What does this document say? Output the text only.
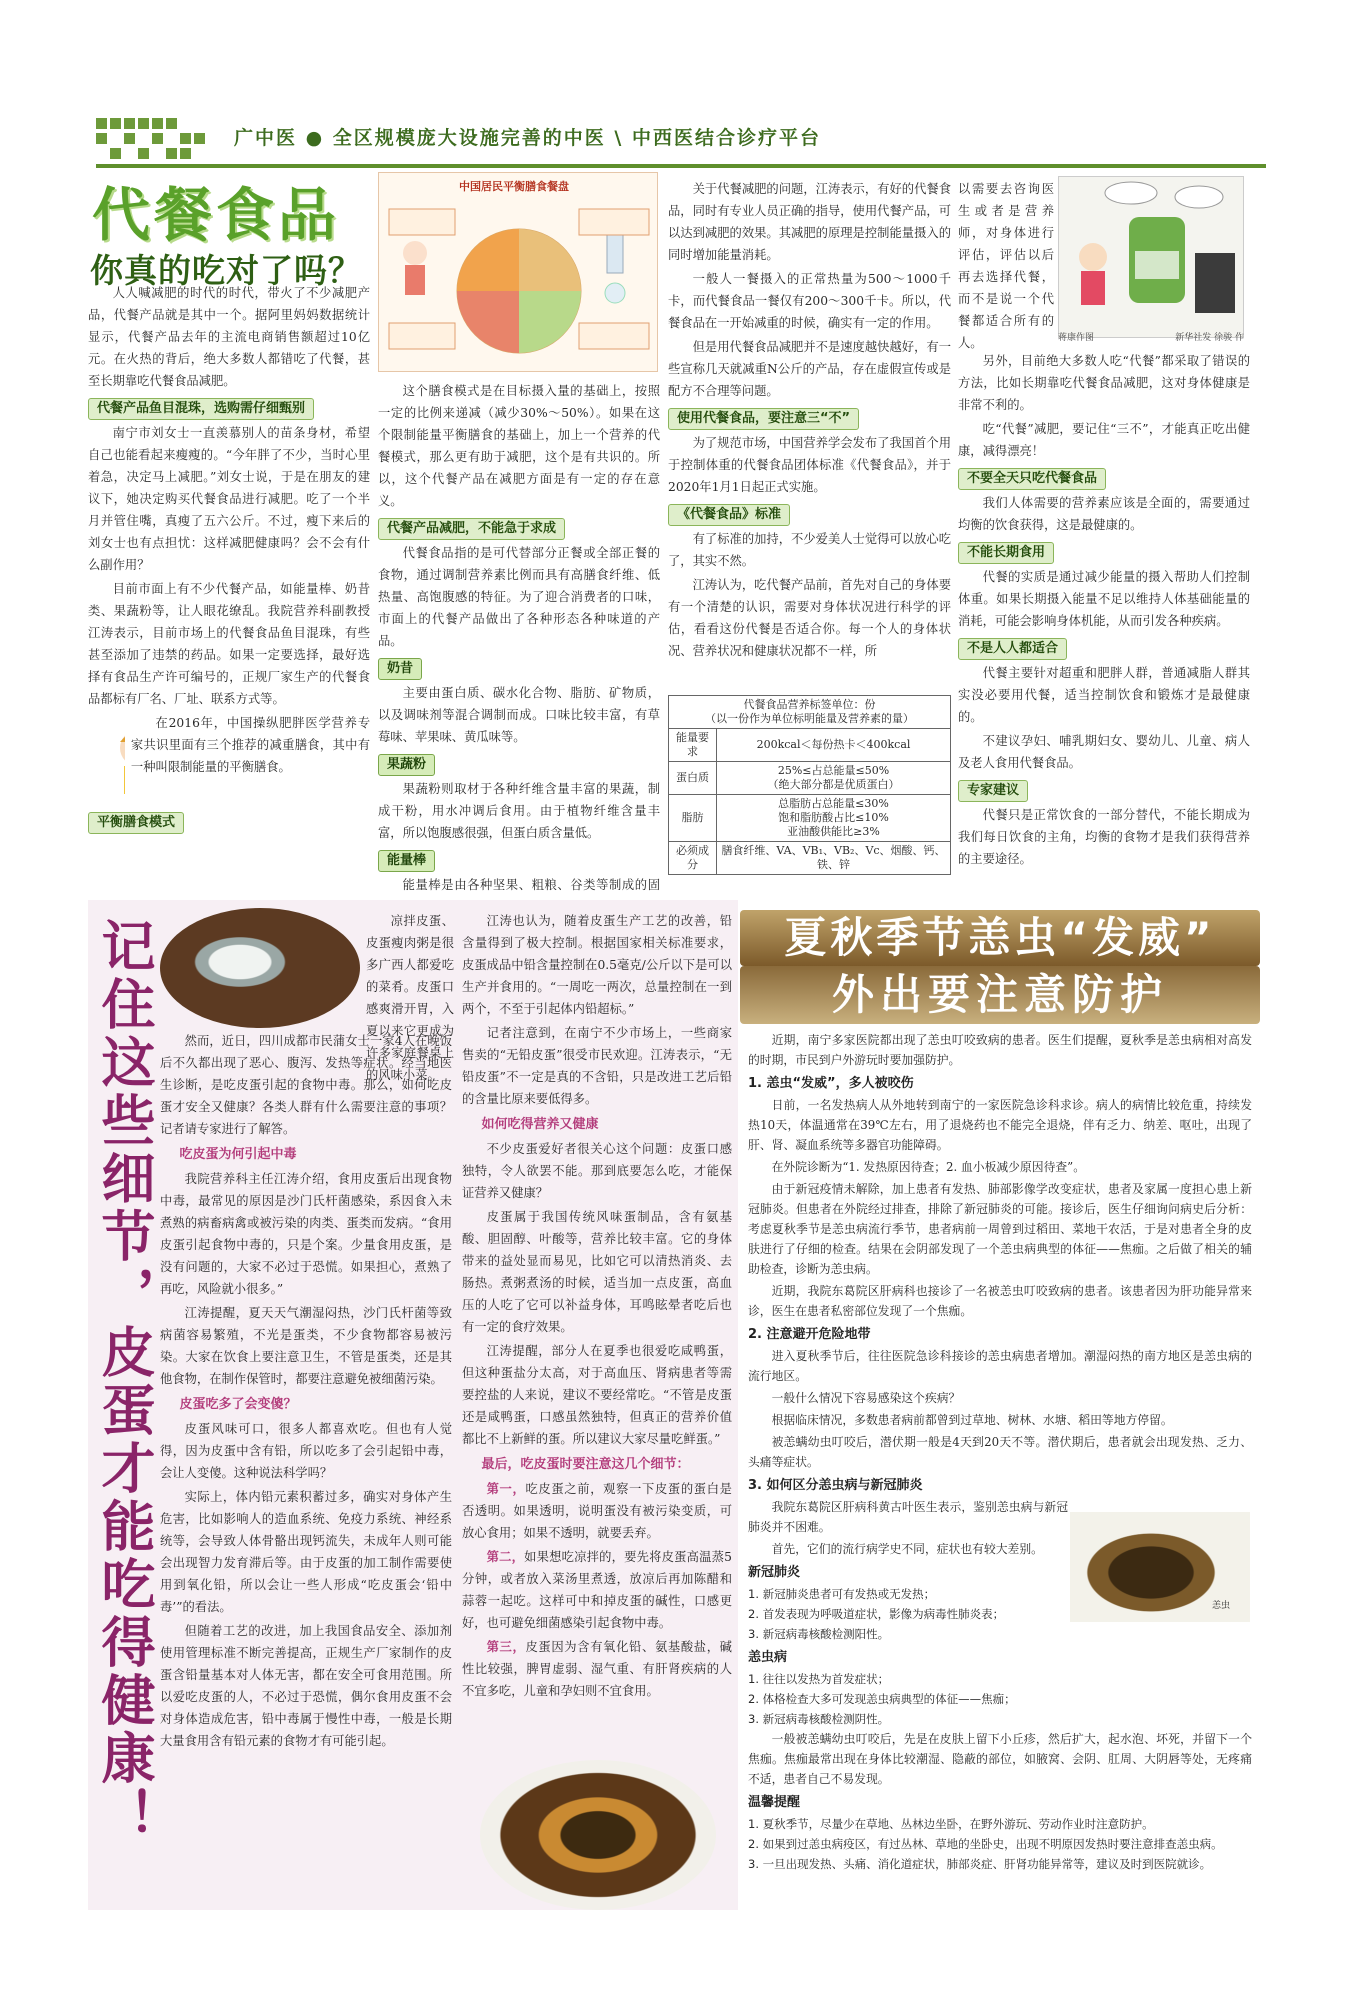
广中医 ● 全区规模庞大设施完善的中医 \ 中西医结合诊疗平台
代餐食品
你真的吃对了吗？
中国居民平衡膳食餐盘

人人喊减肥的时代的时代，带火了不少减肥产品，代餐产品就是其中一个。据阿里妈妈数据统计显示，代餐产品去年的主流电商销售额超过10亿元。在火热的背后，绝大多数人都错吃了代餐，甚至长期靠吃代餐食品减肥。

代餐产品鱼目混珠，选购需仔细甄别

南宁市刘女士一直羡慕别人的苗条身材，希望自己也能看起来瘦瘦的。“今年胖了不少，当时心里着急，决定马上减肥。”刘女士说，于是在朋友的建议下，她决定购买代餐食品进行减肥。吃了一个半月并管住嘴，真瘦了五六公斤。不过，瘦下来后的刘女士也有点担忧：这样减肥健康吗？会不会有什么副作用？

目前市面上有不少代餐产品，如能量棒、奶昔类、果蔬粉等，让人眼花缭乱。我院营养科副教授江涛表示，目前市场上的代餐食品鱼目混珠，有些甚至添加了违禁的药品。如果一定要选择，最好选择有食品生产许可编号的，正规厂家生产的代餐食品都标有厂名、厂址、联系方式等。

在2016年，中国操纵肥胖医学营养专家共识里面有三个推荐的减重膳食，其中有一种叫限制能量的平衡膳食。

平衡膳食模式

这个膳食模式是在目标摄入量的基础上，按照一定的比例来递减（减少30%～50%）。如果在这个限制能量平衡膳食的基础上，加上一个营养的代餐模式，那么更有助于减肥，这个是有共识的。所以，这个代餐产品在减肥方面是有一定的存在意义。

代餐产品减肥，不能急于求成

代餐食品指的是可代替部分正餐或全部正餐的食物，通过调制营养素比例而具有高膳食纤维、低热量、高饱腹感的特征。为了迎合消费者的口味，市面上的代餐产品做出了各种形态各种味道的产品。

奶昔

主要由蛋白质、碳水化合物、脂肪、矿物质，以及调味剂等混合调制而成。口味比较丰富，有草莓味、苹果味、黄瓜味等。

果蔬粉

果蔬粉则取材于各种纤维含量丰富的果蔬，制成干粉，用水冲调后食用。由于植物纤维含量丰富，所以饱腹感很强，但蛋白质含量低。

能量棒

能量棒是由各种坚果、粗粮、谷类等制成的固

关于代餐减肥的问题，江涛表示，有好的代餐食品，同时有专业人员正确的指导，使用代餐产品，可以达到减肥的效果。其减肥的原理是控制能量摄入的同时增加能量消耗。

一般人一餐摄入的正常热量为500～1000千卡，而代餐食品一餐仅有200～300千卡。所以，代餐食品在一开始减重的时候，确实有一定的作用。

但是用代餐食品减肥并不是速度越快越好，有一些宣称几天就减重N公斤的产品，存在虚假宣传或是配方不合理等问题。

使用代餐食品，要注意三“不”

为了规范市场，中国营养学会发布了我国首个用于控制体重的代餐食品团体标准《代餐食品》，并于2020年1月1日起正式实施。

《代餐食品》标准

有了标准的加持，不少爱美人士觉得可以放心吃了，其实不然。

江涛认为，吃代餐产品前，首先对自己的身体要有一个清楚的认识，需要对身体状况进行科学的评估，看看这份代餐是否适合你。每一个人的身体状况、营养状况和健康状况都不一样，所

代餐食品营养标签单位：份
（以一份作为单位标明能量及营养素的量）	
能量要求	200kcal＜每份热卡＜400kcal
蛋白质	25%≤占总能量≤50%
（绝大部分都是优质蛋白）
脂肪	总脂肪占总能量≤30%
饱和脂肪酸占比≤10%
亚油酸供能比≥3%
必须成分	膳食纤维、VA、VB₁、VB₂、Vc、烟酸、钙、铁、锌
蒋康作图	新华社发 徐骏 作

以需要去咨询医生或者是营养师，对身体进行评估，评估以后再去选择代餐，而不是说一个代餐都适合所有的人。

另外，目前绝大多数人吃“代餐”都采取了错误的方法，比如长期靠吃代餐食品减肥，这对身体健康是非常不利的。

吃“代餐”减肥，要记住“三不”，才能真正吃出健康，减得漂亮！

不要全天只吃代餐食品

我们人体需要的营养素应该是全面的，需要通过均衡的饮食获得，这是最健康的。

不能长期食用

代餐的实质是通过减少能量的摄入帮助人们控制体重。如果长期摄入能量不足以维持人体基础能量的消耗，可能会影响身体机能，从而引发各种疾病。

不是人人都适合

代餐主要针对超重和肥胖人群，普通减脂人群其实没必要用代餐，适当控制饮食和锻炼才是最健康的。

不建议孕妇、哺乳期妇女、婴幼儿、儿童、病人及老人食用代餐食品。

专家建议

代餐只是正常饮食的一部分替代，不能长期成为我们每日饮食的主角，均衡的食物才是我们获得营养的主要途径。

记住这些细节，皮蛋才能吃得健康！	然而，近日，四川成都市民蒲女士一家4人在晚饭后不久都出现了恶心、腹泻、发热等症状。经当地医生诊断，是吃皮蛋引起的食物中毒。那么，如何吃皮蛋才安全又健康？各类人群有什么需要注意的事项？记者请专家进行了解答。

吃皮蛋为何引起中毒

我院营养科主任江涛介绍，食用皮蛋后出现食物中毒，最常见的原因是沙门氏杆菌感染，系因食入未煮熟的病畜病禽或被污染的肉类、蛋类而发病。“食用皮蛋引起食物中毒的，只是个案。少量食用皮蛋，是没有问题的，大家不必过于恐慌。如果担心，煮熟了再吃，风险就小很多。”

江涛提醒，夏天天气潮湿闷热，沙门氏杆菌等致病菌容易繁殖，不光是蛋类，不少食物都容易被污染。大家在饮食上要注意卫生，不管是蛋类，还是其他食物，在制作保管时，都要注意避免被细菌污染。

皮蛋吃多了会变傻？

皮蛋风味可口，很多人都喜欢吃。但也有人觉得，因为皮蛋中含有铅，所以吃多了会引起铅中毒，会让人变傻。这种说法科学吗？

实际上，体内铅元素积蓄过多，确实对身体产生危害，比如影响人的造血系统、免疫力系统、神经系统等，会导致人体骨骼出现钙流失，未成年人则可能会出现智力发育滞后等。由于皮蛋的加工制作需要使用到氧化铅，所以会让一些人形成“吃皮蛋会‘铅中毒’”的看法。

但随着工艺的改进，加上我国食品安全、添加剂使用管理标准不断完善提高，正规生产厂家制作的皮蛋含铅量基本对人体无害，都在安全可食用范围。所以爱吃皮蛋的人，不必过于恐慌，偶尔食用皮蛋不会对身体造成危害，铅中毒属于慢性中毒，一般是长期大量食用含有铅元素的食物才有可能引起。

凉拌皮蛋、皮蛋瘦肉粥是很多广西人都爱吃的菜肴。皮蛋口感爽滑开胃，入夏以来它更成为许多家庭餐桌上的风味小菜。

江涛也认为，随着皮蛋生产工艺的改善，铅含量得到了极大控制。根据国家相关标准要求，皮蛋成品中铅含量控制在0.5毫克/公斤以下是可以生产并食用的。“一周吃一两次，总量控制在一到两个，不至于引起体内铅超标。”

记者注意到，在南宁不少市场上，一些商家售卖的“无铅皮蛋”很受市民欢迎。江涛表示，“无铅皮蛋”不一定是真的不含铅，只是改进工艺后铅的含量比原来要低得多。

如何吃得营养又健康

不少皮蛋爱好者很关心这个问题：皮蛋口感独特，令人欲罢不能。那到底要怎么吃，才能保证营养又健康？

皮蛋属于我国传统风味蛋制品，含有氨基酸、胆固醇、叶酸等，营养比较丰富。它的身体带来的益处显而易见，比如它可以清热消炎、去肠热。煮粥煮汤的时候，适当加一点皮蛋，高血压的人吃了它可以补益身体，耳鸣眩晕者吃后也有一定的食疗效果。

江涛提醒，部分人在夏季也很爱吃咸鸭蛋，但这种蛋盐分太高，对于高血压、肾病患者等需要控盐的人来说，建议不要经常吃。“不管是皮蛋还是咸鸭蛋，口感虽然独特，但真正的营养价值都比不上新鲜的蛋。所以建议大家尽量吃鲜蛋。”

最后，吃皮蛋时要注意这几个细节：

第一，吃皮蛋之前，观察一下皮蛋的蛋白是否透明。如果透明，说明蛋没有被污染变质，可放心食用；如果不透明，就要丢弃。

第二，如果想吃凉拌的，要先将皮蛋高温蒸5分钟，或者放入菜汤里煮透，放凉后再加陈醋和蒜蓉一起吃。这样可中和掉皮蛋的碱性，口感更好，也可避免细菌感染引起食物中毒。

第三，皮蛋因为含有氧化铅、氨基酸盐，碱性比较强，脾胃虚弱、湿气重、有肝肾疾病的人不宜多吃，儿童和孕妇则不宜食用。

夏秋季节恙虫“发威”
外出要注意防护

近期，南宁多家医院都出现了恙虫叮咬致病的患者。医生们提醒，夏秋季是恙虫病相对高发的时期，市民到户外游玩时要加强防护。

1. 恙虫“发威”，多人被咬伤

日前，一名发热病人从外地转到南宁的一家医院急诊科求诊。病人的病情比较危重，持续发热10天，体温通常在39℃左右，用了退烧药也不能完全退烧，伴有乏力、纳差、呕吐，出现了肝、肾、凝血系统等多器官功能障碍。

在外院诊断为“1. 发热原因待查；2. 血小板减少原因待查”。

由于新冠疫情未解除，加上患者有发热、肺部影像学改变症状，患者及家属一度担心患上新冠肺炎。但患者在外院经过排查，排除了新冠肺炎的可能。接诊后，医生仔细询问病史后分析：考虑夏秋季节是恙虫病流行季节，患者病前一周曾到过稻田、菜地干农活，于是对患者全身的皮肤进行了仔细的检查。结果在会阴部发现了一个恙虫病典型的体征——焦痂。之后做了相关的辅助检查，诊断为恙虫病。

近期，我院东葛院区肝病科也接诊了一名被恙虫叮咬致病的患者。该患者因为肝功能异常来诊，医生在患者私密部位发现了一个焦痂。

2. 注意避开危险地带

进入夏秋季节后，往往医院急诊科接诊的恙虫病患者增加。潮湿闷热的南方地区是恙虫病的流行地区。

一般什么情况下容易感染这个疾病？

根据临床情况，多数患者病前都曾到过草地、树林、水塘、稻田等地方停留。

被恙螨幼虫叮咬后，潜伏期一般是4天到20天不等。潜伏期后，患者就会出现发热、乏力、头痛等症状。

3. 如何区分恙虫病与新冠肺炎

我院东葛院区肝病科黄古叶医生表示，鉴别恙虫病与新冠肺炎并不困难。

首先，它们的流行病学史不同，症状也有较大差别。

新冠肺炎
1. 新冠肺炎患者可有发热或无发热；
2. 首发表现为呼吸道症状，影像为病毒性肺炎表；
3. 新冠病毒核酸检测阳性。
恙虫病
1. 往往以发热为首发症状；
2. 体格检查大多可发现恙虫病典型的体征——焦痂；
3. 新冠病毒核酸检测阴性。

一般被恙螨幼虫叮咬后，先是在皮肤上留下小丘疹，然后扩大，起水泡、坏死，并留下一个焦痂。焦痂最常出现在身体比较潮湿、隐蔽的部位，如腋窝、会阴、肛周、大阴唇等处，无疼痛不适，患者自己不易发现。

温馨提醒
1. 夏秋季节，尽量少在草地、丛林边坐卧，在野外游玩、劳动作业时注意防护。
2. 如果到过恙虫病疫区，有过丛林、草地的坐卧史，出现不明原因发热时要注意排查恙虫病。
3. 一旦出现发热、头痛、消化道症状，肺部炎症、肝肾功能异常等，建议及时到医院就诊。
恙虫
